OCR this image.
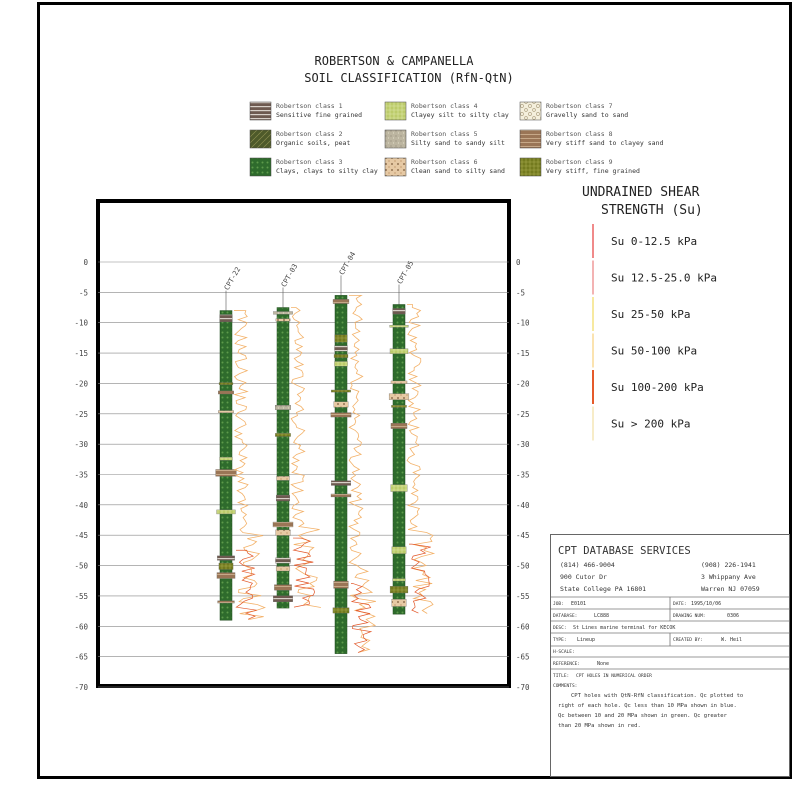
ROBERTSON & CAMPANELLA
SOIL CLASSIFICATION (RfN-QtN)
Robertson class 1
Sensitive fine grained
Robertson class 4
Clayey silt to silty clay
Robertson class 7
Gravelly sand to sand
Robertson class 2
Organic soils, peat
Robertson class 5
Silty sand to sandy silt
Robertson class 8
Very stiff sand to clayey sand
Robertson class 3
Clays, clays to silty clay
Robertson class 6
Clean sand to silty sand
Robertson class 9
Very stiff, fine grained
UNDRAINED SHEAR
STRENGTH (Su)
Su 0-12.5 kPa
Su 12.5-25.0 kPa
Su 25-50 kPa
Su 50-100 kPa
Su 100-200 kPa
Su > 200 kPa
0	0
-5	-5
-10	-10
-15	-15
-20	-20
-25	-25
-30	-30
-35	-35
-40	-40
-45	-45
-50	-50
-55	-55
-60	-60
-65	-65
-70	-70
CPT-22	CPT-03	CPT-04	CPT-05
CPT DATABASE SERVICES
(814) 466-9004
900 Cutor Dr
State College PA 16801
(908) 226-1941
3 Whippany Ave
Warren NJ 07059
JOB: E0101	DATE: 1995/10/06
DATABASE:	LC888	DRAWING NUM:	0306
DESC: St Lines marine terminal for KECOK
TYPE: Lineup	CREATED BY:	W. Heil
H-SCALE:
REFERENCE:	None
TITLE: CPT HOLES IN NUMERICAL ORDER
COMMENTS:
CPT holes with QtN-RfN classification. Qc plotted to
right of each hole. Qc less than 10 MPa shown in blue.
Qc between 10 and 20 MPa shown in green. Qc greater
than 20 MPa shown in red.
